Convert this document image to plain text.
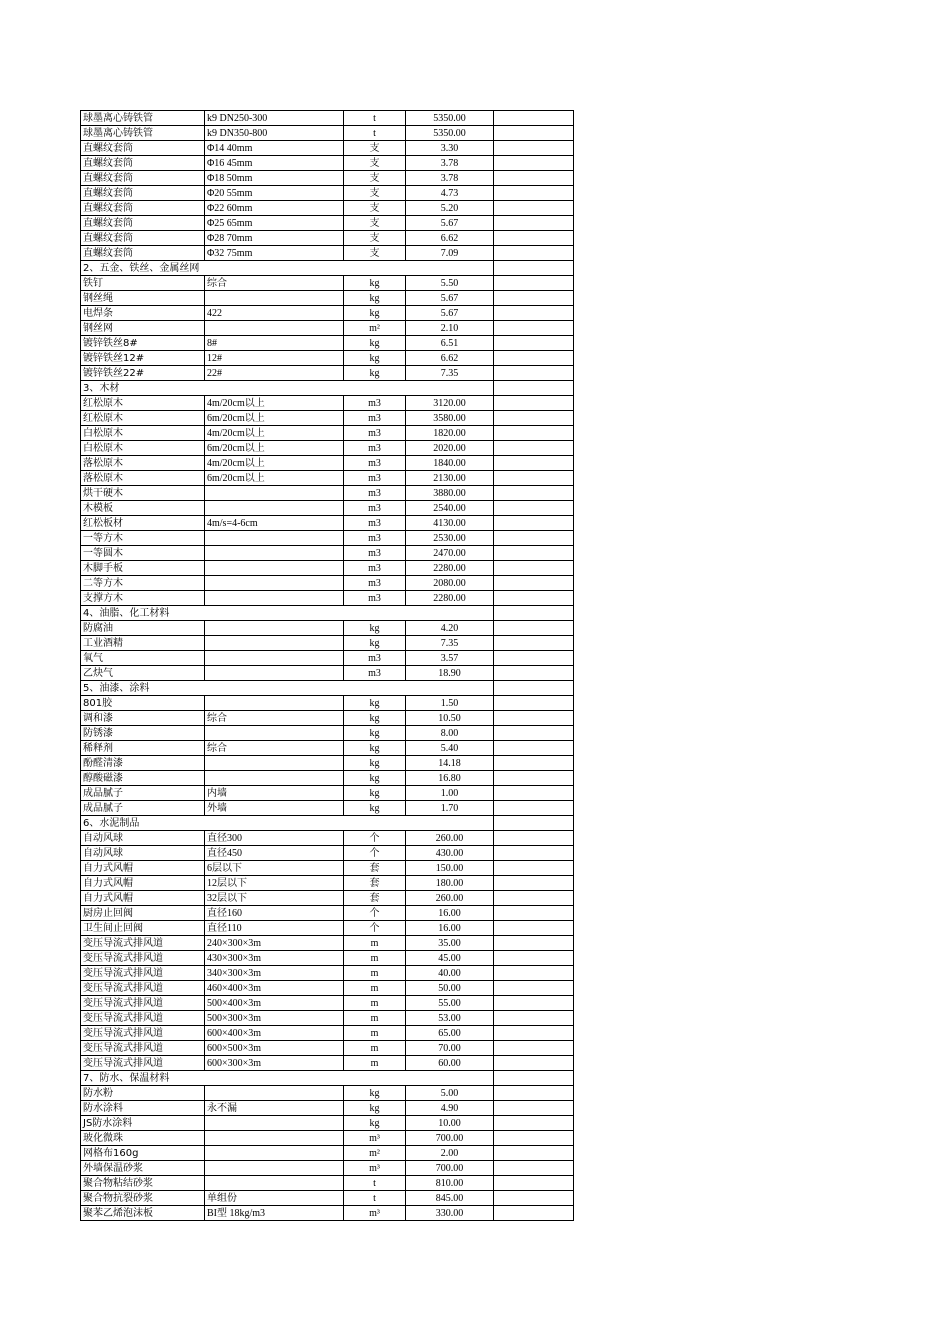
球墨离心铸铁管	k9 DN250-300	t	5350.00	
球墨离心铸铁管	k9 DN350-800	t	5350.00	
直螺纹套筒	Φ14 40mm	支	3.30	
直螺纹套筒	Φ16 45mm	支	3.78	
直螺纹套筒	Φ18 50mm	支	3.78	
直螺纹套筒	Φ20 55mm	支	4.73	
直螺纹套筒	Φ22 60mm	支	5.20	
直螺纹套筒	Φ25 65mm	支	5.67	
直螺纹套筒	Φ28 70mm	支	6.62	
直螺纹套筒	Φ32 75mm	支	7.09	
2、五金、铁丝、金属丝网				
铁钉	综合	kg	5.50	
钢丝绳		kg	5.67	
电焊条	422	kg	5.67	
钢丝网		m²	2.10	
镀锌铁丝8#	8#	kg	6.51	
镀锌铁丝12#	12#	kg	6.62	
镀锌铁丝22#	22#	kg	7.35	
3、木材				
红松原木	4m/20cm以上	m3	3120.00	
红松原木	6m/20cm以上	m3	3580.00	
白松原木	4m/20cm以上	m3	1820.00	
白松原木	6m/20cm以上	m3	2020.00	
落松原木	4m/20cm以上	m3	1840.00	
落松原木	6m/20cm以上	m3	2130.00	
烘干硬木		m3	3880.00	
木模板		m3	2540.00	
红松板材	4m/s=4-6cm	m3	4130.00	
一等方木		m3	2530.00	
一等圆木		m3	2470.00	
木脚手板		m3	2280.00	
二等方木		m3	2080.00	
支撑方木		m3	2280.00	
4、油脂、化工材料				
防腐油		kg	4.20	
工业酒精		kg	7.35	
氧气		m3	3.57	
乙炔气		m3	18.90	
5、油漆、涂料				
801胶		kg	1.50	
调和漆	综合	kg	10.50	
防锈漆		kg	8.00	
稀释剂	综合	kg	5.40	
酚醛清漆		kg	14.18	
醇酸磁漆		kg	16.80	
成品腻子	内墙	kg	1.00	
成品腻子	外墙	kg	1.70	
6、水泥制品				
自动风球	直径300	个	260.00	
自动风球	直径450	个	430.00	
自力式风帽	6层以下	套	150.00	
自力式风帽	12层以下	套	180.00	
自力式风帽	32层以下	套	260.00	
厨房止回阀	直径160	个	16.00	
卫生间止回阀	直径110	个	16.00	
变压导流式排风道	240×300×3m	m	35.00	
变压导流式排风道	430×300×3m	m	45.00	
变压导流式排风道	340×300×3m	m	40.00	
变压导流式排风道	460×400×3m	m	50.00	
变压导流式排风道	500×400×3m	m	55.00	
变压导流式排风道	500×300×3m	m	53.00	
变压导流式排风道	600×400×3m	m	65.00	
变压导流式排风道	600×500×3m	m	70.00	
变压导流式排风道	600×300×3m	m	60.00	
7、防水、保温材料				
防水粉		kg	5.00	
防水涂料	永不漏	kg	4.90	
JS防水涂料		kg	10.00	
玻化微珠		m³	700.00	
网格布160g		m²	2.00	
外墙保温砂浆		m³	700.00	
聚合物粘结砂浆		t	810.00	
聚合物抗裂砂浆	单组份	t	845.00	
聚苯乙烯泡沫板	BI型 18kg/m3	m³	330.00	
